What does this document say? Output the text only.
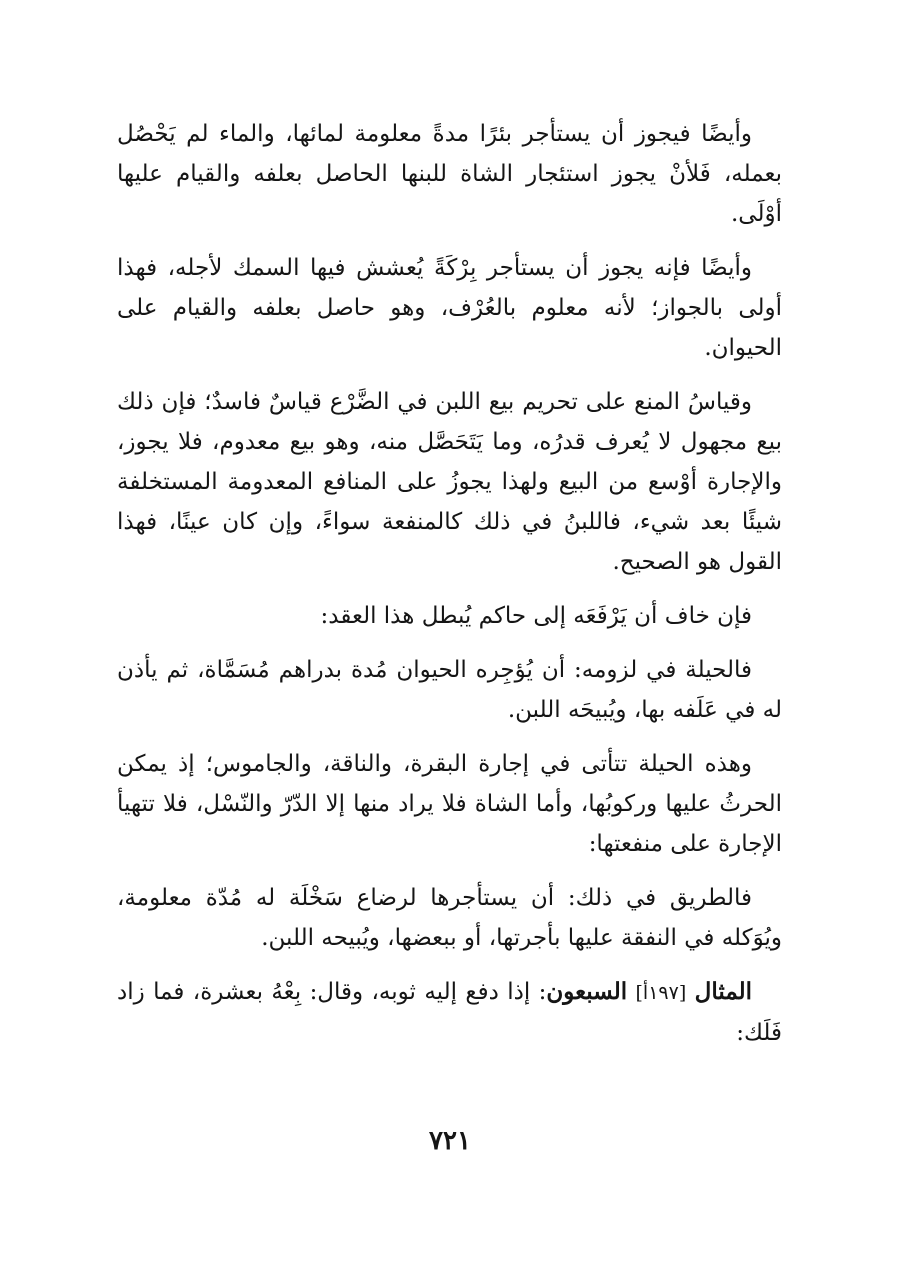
وأيضًا فيجوز أن يستأجر بئرًا مدةً معلومة لمائها، والماء لم يَحْصُل بعمله، فَلأنْ يجوز استئجار الشاة للبنها الحاصل بعلفه والقيام عليها أوْلَى.

وأيضًا فإنه يجوز أن يستأجر بِرْكَةً يُعشش فيها السمك لأجله، فهذا أولى بالجواز؛ لأنه معلوم بالعُرْف، وهو حاصل بعلفه والقيام على الحيوان.

وقياسُ المنع على تحريم بيع اللبن في الضَّرْع قياسٌ فاسدٌ؛ فإن ذلك بيع مجهول لا يُعرف قدرُه، وما يَتَحَصَّل منه، وهو بيع معدوم، فلا يجوز، والإجارة أوْسع من البيع ولهذا يجوزُ على المنافع المعدومة المستخلفة شيئًا بعد شيء، فاللبنُ في ذلك كالمنفعة سواءً، وإن كان عينًا، فهذا القول هو الصحيح.

فإن خاف أن يَرْفَعَه إلى حاكم يُبطل هذا العقد:

فالحيلة في لزومه: أن يُؤجِره الحيوان مُدة بدراهم مُسَمَّاة، ثم يأذن له في عَلَفه بها، ويُبيحَه اللبن.

وهذه الحيلة تتأتى في إجارة البقرة، والناقة، والجاموس؛ إذ يمكن الحرثُ عليها وركوبُها، وأما الشاة فلا يراد منها إلا الدّرّ والنّسْل، فلا تتهيأ الإجارة على منفعتها:

فالطريق في ذلك: أن يستأجرها لرضاع سَخْلَة له مُدّة معلومة، ويُوَكله في النفقة عليها بأجرتها، أو ببعضها، ويُبيحه اللبن.

المثال [١٩٧أ] السبعون: إذا دفع إليه ثوبه، وقال: بِعْهُ بعشرة، فما زاد فَلَك:

٧٢١
